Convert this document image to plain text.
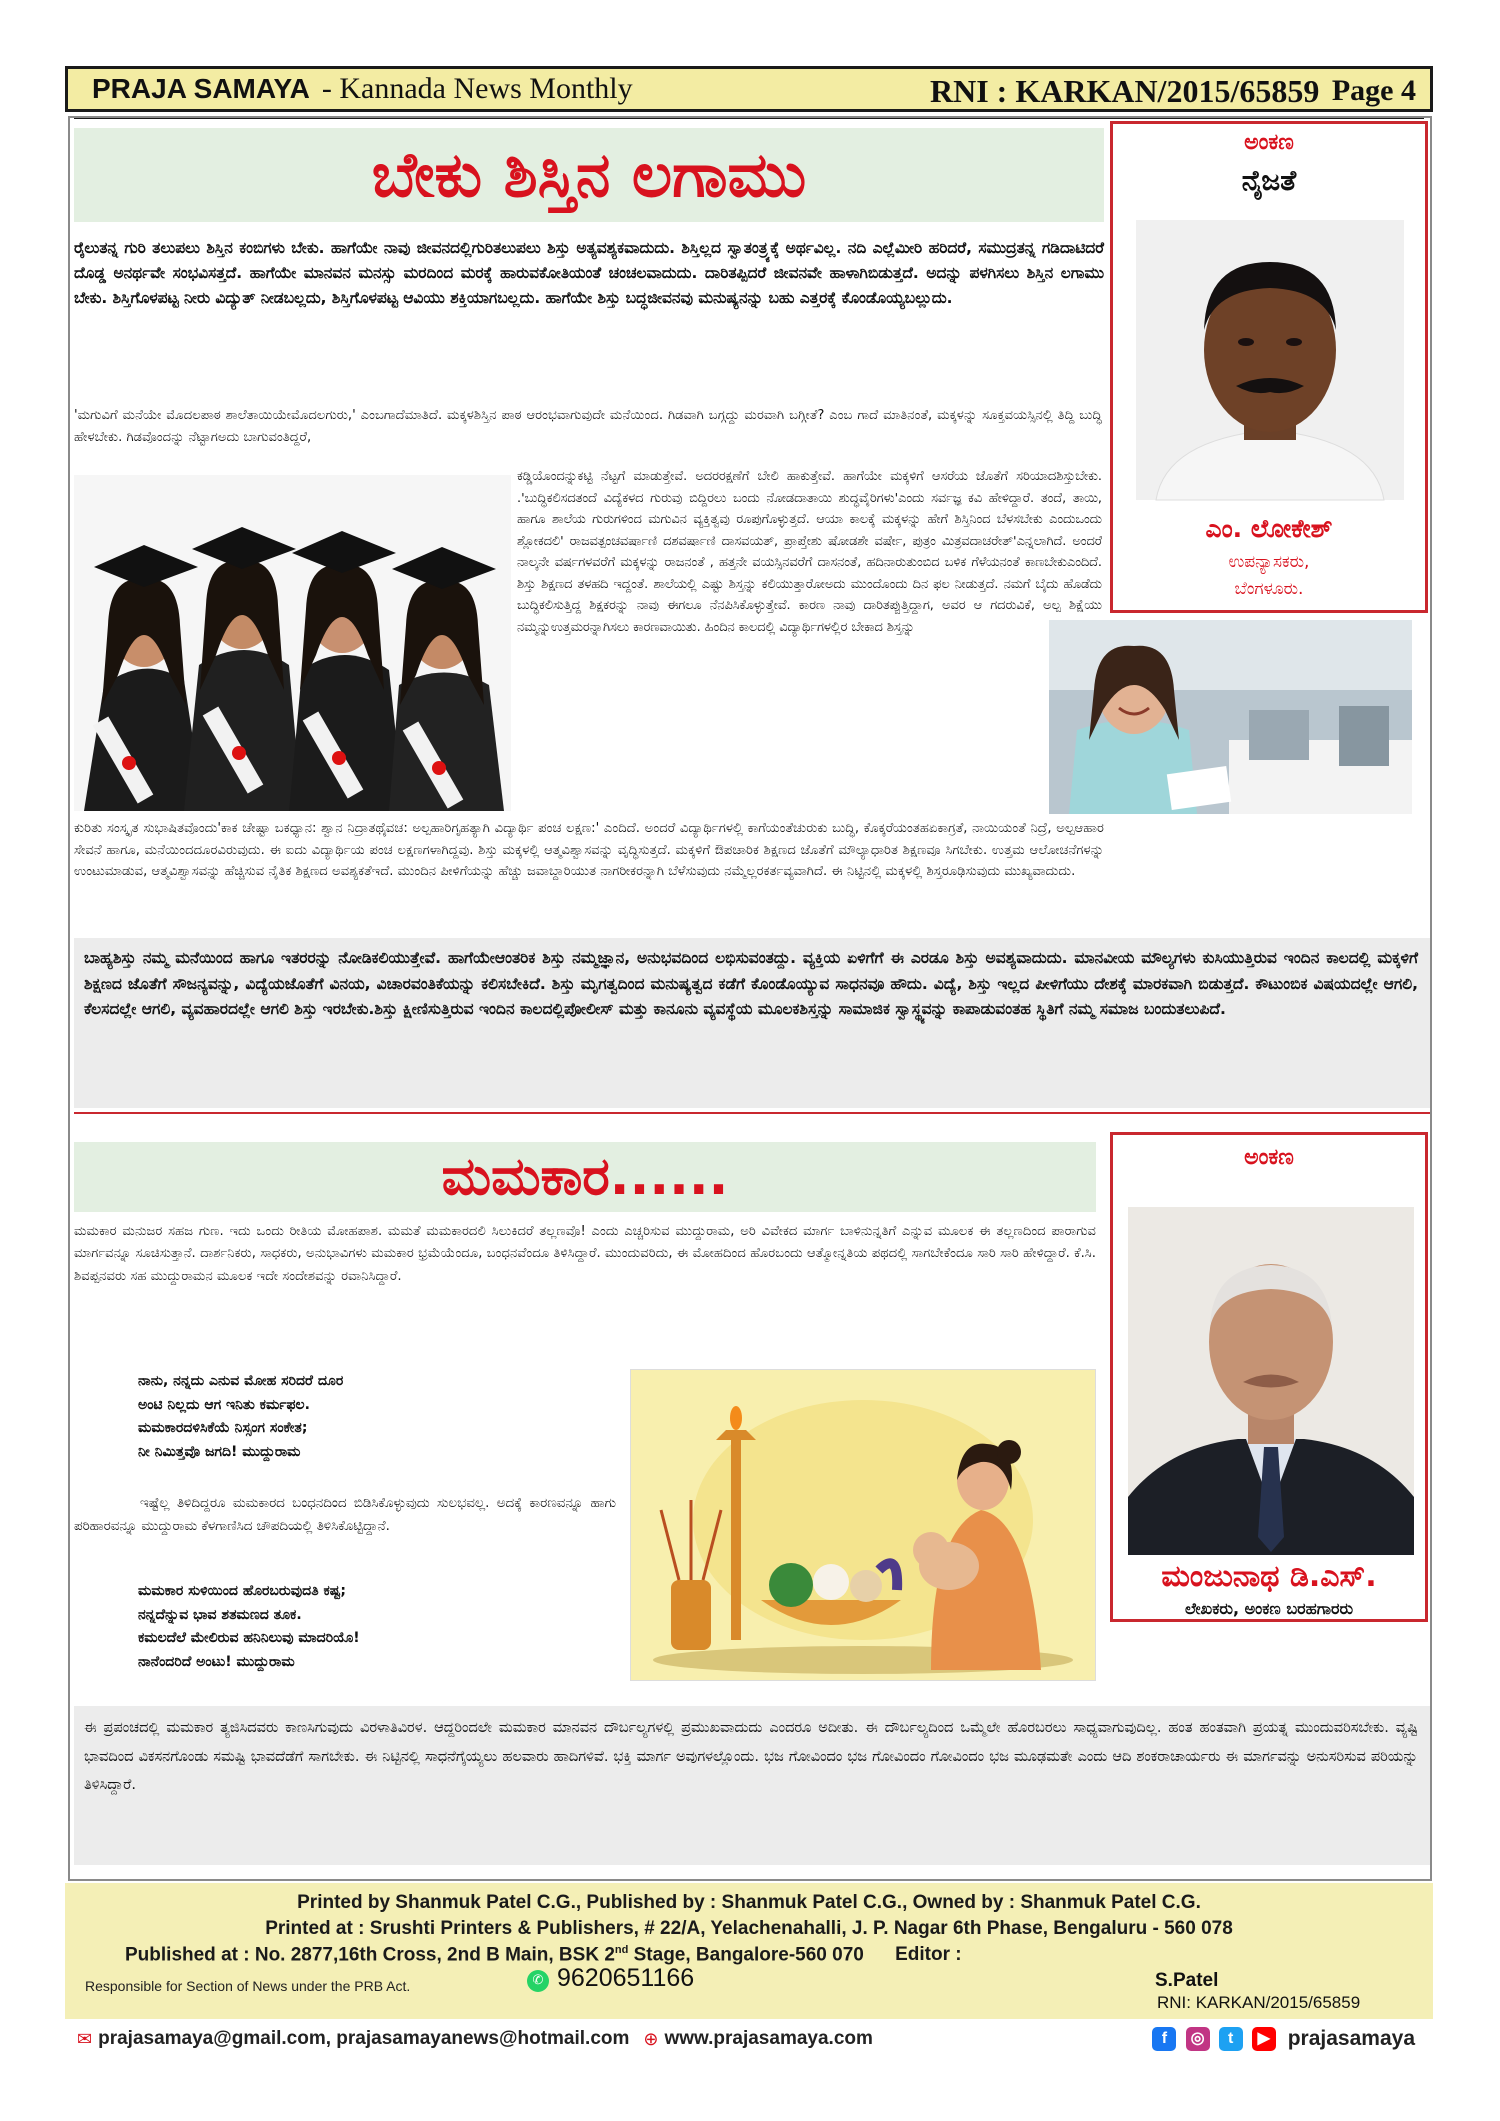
PRAJA SAMAYA - Kannada News Monthly	RNI : KARKAN/2015/65859 Page 4
ಬೇಕು ಶಿಸ್ತಿನ ಲಗಾಮು
ರೈಲುತನ್ನ ಗುರಿ ತಲುಪಲು ಶಿಸ್ತಿನ ಕಂಬಿಗಳು ಬೇಕು. ಹಾಗೆಯೇ ನಾವು ಜೀವನದಲ್ಲಿಗುರಿತಲುಪಲು ಶಿಸ್ತು ಅತ್ಯವಶ್ಯಕವಾದುದು. ಶಿಸ್ತಿಲ್ಲದ ಸ್ವಾತಂತ್ರ್ಯಕ್ಕೆ ಅರ್ಥವಿಲ್ಲ. ನದಿ ಎಲ್ಲೆಮೀರಿ ಹರಿದರೆ, ಸಮುದ್ರತನ್ನ ಗಡಿದಾಟಿದರೆ ದೊಡ್ಡ ಅನರ್ಥವೇ ಸಂಭವಿಸತ್ತದೆ. ಹಾಗೆಯೇ ಮಾನವನ ಮನಸ್ಸು ಮರದಿಂದ ಮರಕ್ಕೆ ಹಾರುವಕೋತಿಯಂತೆ ಚಂಚಲವಾದುದು. ದಾರಿತಪ್ಪಿದರೆ ಜೀವನವೇ ಹಾಳಾಗಿಬಿಡುತ್ತದೆ. ಅದನ್ನು ಪಳಗಿಸಲು ಶಿಸ್ತಿನ ಲಗಾಮು ಬೇಕು. ಶಿಸ್ತಿಗೊಳಪಟ್ಟ ನೀರು ವಿದ್ಯುತ್ ನೀಡಬಲ್ಲದು, ಶಿಸ್ತಿಗೊಳಪಟ್ಟ ಆವಿಯು ಶಕ್ತಿಯಾಗಬಲ್ಲದು. ಹಾಗೆಯೇ ಶಿಸ್ತು ಬದ್ಧಜೀವನವು ಮನುಷ್ಯನನ್ನು ಬಹು ಎತ್ತರಕ್ಕೆ ಕೊಂಡೊಯ್ಯಬಲ್ಲುದು.
'ಮಗುವಿಗೆ ಮನೆಯೇ ಮೊದಲಪಾಠ ಶಾಲೆತಾಯಿಯೇಮೊದಲಗುರು,' ಎಂಬಗಾದೆಮಾತಿದೆ. ಮಕ್ಕಳಶಿಸ್ತಿನ ಪಾಠ ಆರಂಭವಾಗುವುದೇ ಮನೆಯಿಂದ. ಗಿಡವಾಗಿ ಬಗ್ಗದ್ದು ಮರವಾಗಿ ಬಗ್ಗೀತೆ? ಎಂಬ ಗಾದೆ ಮಾತಿನಂತೆ, ಮಕ್ಕಳನ್ನು ಸೂಕ್ತವಯಸ್ಸಿನಲ್ಲಿ ತಿದ್ದಿ ಬುದ್ಧಿ ಹೇಳಬೇಕು. ಗಿಡವೊಂದನ್ನು ನೆಟ್ಟಾಗಅದು ಬಾಗುವಂತಿದ್ದರೆ,
ಕಡ್ಡಿಯೊಂದನ್ನುಕಟ್ಟಿ ನೆಟ್ಟಗೆ ಮಾಡುತ್ತೇವೆ. ಅದರರಕ್ಷಣೆಗೆ ಬೇಲಿ ಹಾಕುತ್ತೇವೆ. ಹಾಗೆಯೇ ಮಕ್ಕಳಿಗೆ ಆಸರೆಯ ಜೊತೆಗೆ ಸರಿಯಾದಶಿಸ್ತುಬೇಕು. .'ಬುದ್ಧಿಕಲಿಸದತಂದೆ ವಿದ್ಯೆಕಳದ ಗುರುವು ಬಿದ್ದಿರಲು ಬಂದು ನೋಡದಾತಾಯಿ ಶುದ್ಧವೈರಿಗಳು'ಎಂದು ಸರ್ವಜ್ಞ ಕವಿ ಹೇಳಿದ್ದಾರೆ. ತಂದೆ, ತಾಯಿ, ಹಾಗೂ ಶಾಲೆಯ ಗುರುಗಳಿಂದ ಮಗುವಿನ ವ್ಯಕ್ತಿತ್ವವು ರೂಪುಗೊಳ್ಳುತ್ತದೆ. ಆಯಾ ಕಾಲಕ್ಕೆ ಮಕ್ಕಳನ್ನು ಹೇಗೆ ಶಿಸ್ತಿನಿಂದ ಬೆಳಸಬೇಕು ಎಂದುಒಂದು ಶ್ಲೋಕದಲಿ' ರಾಜವತ್ಪಂಚವರ್ಷಾಣಿ ದಶವರ್ಷಾಣಿ ದಾಸವಯತ್, ಪ್ರಾಪ್ತೇಶು ಷೋಡಶೇ ವರ್ಷೇ, ಪುತ್ರಂ ಮಿತ್ರವದಾಚರೇತ್'ಎನ್ನಲಾಗಿದೆ. ಅಂದರೆ ನಾಲ್ಕನೇ ವರ್ಷಗಳವರೆಗೆ ಮಕ್ಕಳನ್ನು ರಾಜನಂತೆ , ಹತ್ತನೇ ವಯಸ್ಸಿನವರೆಗೆ ದಾಸನಂತೆ, ಹದಿನಾರುತುಂಬಿದ ಬಳಿಕ ಗೆಳೆಯನಂತೆ ಕಾಣಬೇಕುಎಂದಿದೆ. ಶಿಸ್ತು ಶಿಕ್ಷಣದ ತಳಹದಿ ಇದ್ದಂತೆ. ಶಾಲೆಯಲ್ಲಿ ಎಷ್ಟು ಶಿಸ್ತನ್ನು ಕಲಿಯುತ್ತಾರೋಅದು ಮುಂದೊಂದು ದಿನ ಫಲ ನೀಡುತ್ತದೆ. ನಮಗೆ ಬೈದು ಹೊಡೆದು ಬುದ್ಧಿಕಲಿಸುತ್ತಿದ್ದ ಶಿಕ್ಷಕರನ್ನು ನಾವು ಈಗಲೂ ನೆನಪಿಸಿಕೊಳ್ಳುತ್ತೇವೆ. ಕಾರಣ ನಾವು ದಾರಿತಪ್ಪುತ್ತಿದ್ದಾಗ, ಅವರ ಆ ಗದರುವಿಕೆ, ಅಲ್ಪ ಶಿಕ್ಷೆಯು ನಮ್ಮನ್ನುಉತ್ತಮರನ್ನಾಗಿಸಲು ಕಾರಣವಾಯಿತು. ಹಿಂದಿನ ಕಾಲದಲ್ಲಿ ವಿದ್ಯಾರ್ಥಿಗಳಲ್ಲಿರ ಬೇಕಾದ ಶಿಸ್ತನ್ನು
ಕುರಿತು ಸಂಸ್ಕೃತ ಸುಭಾಷಿತವೊಂದು'ಕಾಕ ಚೇಷ್ಟಾ ಬಕಧ್ಯಾನ: ಶ್ವಾನ ನಿದ್ರಾತಥೈವಚ: ಅಲ್ಪಹಾರಿಗೃಹತ್ಯಾಗಿ ವಿದ್ಯಾರ್ಥಿ ಪಂಚ ಲಕ್ಷಣ:' ಎಂದಿದೆ. ಅಂದರೆ ವಿದ್ಯಾರ್ಥಿಗಳಲ್ಲಿ ಕಾಗೆಯಂತೆಚುರುಕು ಬುದ್ಧಿ, ಕೊಕ್ಕರೆಯಂತಹಏಕಾಗ್ರತೆ, ನಾಯಿಯಂತೆ ನಿದ್ರೆ, ಅಲ್ಪಆಹಾರ ಸೇವನೆ ಹಾಗೂ, ಮನೆಯಿಂದದೂರವಿರುವುದು. ಈ ಐದು ವಿದ್ಯಾರ್ಥಿಯ ಪಂಚ ಲಕ್ಷಣಗಳಾಗಿದ್ದವು. ಶಿಸ್ತು ಮಕ್ಕಳಲ್ಲಿ ಆತ್ಮವಿಶ್ವಾಸವನ್ನು ವೃದ್ಧಿಸುತ್ತದೆ. ಮಕ್ಕಳಿಗೆ ಔಪಚಾರಿಕ ಶಿಕ್ಷಣದ ಜೊತೆಗೆ ಮೌಲ್ಯಾಧಾರಿತ ಶಿಕ್ಷಣವೂ ಸಿಗಬೇಕು. ಉತ್ತಮ ಆಲೋಚನೆಗಳನ್ನು ಉಂಟುಮಾಡುವ, ಆತ್ಮವಿಶ್ವಾಸವನ್ನು ಹೆಚ್ಚಿಸುವ ನೈತಿಕ ಶಿಕ್ಷಣದ ಅವಶ್ಯಕತೆಇದೆ. ಮುಂದಿನ ಪೀಳಿಗೆಯನ್ನು ಹೆಚ್ಚು ಜವಾಬ್ದಾರಿಯುತ ನಾಗರೀಕರನ್ನಾಗಿ ಬೆಳೆಸುವುದು ನಮ್ಮೆಲ್ಲರಕರ್ತವ್ಯವಾಗಿದೆ. ಈ ನಿಟ್ಟಿನಲ್ಲಿ ಮಕ್ಕಳಲ್ಲಿ ಶಿಸ್ತರೂಢಿಸುವುದು ಮುಖ್ಯವಾದುದು.
ಅಂಕಣ
ನೈಜತೆ
ಎಂ. ಲೋಕೇಶ್
ಉಪನ್ಯಾಸಕರು,
ಬೆಂಗಳೂರು.
ಬಾಹ್ಯಶಿಸ್ತು ನಮ್ಮ ಮನೆಯಿಂದ ಹಾಗೂ ಇತರರನ್ನು ನೋಡಿಕಲಿಯುತ್ತೇವೆ. ಹಾಗೆಯೇಆಂತರಿಕ ಶಿಸ್ತು ನಮ್ಮಜ್ಞಾನ, ಅನುಭವದಿಂದ ಲಭಿಸುವಂತದ್ದು. ವ್ಯಕ್ತಿಯ ಏಳಿಗೆಗೆ ಈ ಎರಡೂ ಶಿಸ್ತು ಅವಶ್ಯವಾದುದು. ಮಾನವೀಯ ಮೌಲ್ಯಗಳು ಕುಸಿಯುತ್ತಿರುವ ಇಂದಿನ ಕಾಲದಲ್ಲಿ ಮಕ್ಕಳಿಗೆ ಶಿಕ್ಷಣದ ಜೊತೆಗೆ ಸೌಜನ್ಯವನ್ನು, ವಿದ್ಯೆಯಜೊತೆಗೆ ವಿನಯ, ವಿಚಾರವಂತಿಕೆಯನ್ನು ಕಲಿಸಬೇಕಿದೆ. ಶಿಸ್ತು ಮೃಗತ್ವದಿಂದ ಮನುಷ್ಯತ್ವದ ಕಡೆಗೆ ಕೊಂಡೊಯ್ಯುವ ಸಾಧನವೂ ಹೌದು. ವಿದ್ಯೆ, ಶಿಸ್ತು ಇಲ್ಲದ ಪೀಳಿಗೆಯು ದೇಶಕ್ಕೆ ಮಾರಕವಾಗಿ ಬಿಡುತ್ತದೆ. ಕೌಟುಂಬಿಕ ವಿಷಯದಲ್ಲೇ ಆಗಲಿ, ಕೆಲಸದಲ್ಲೇ ಆಗಲಿ, ವ್ಯವಹಾರದಲ್ಲೇ ಆಗಲಿ ಶಿಸ್ತು ಇರಬೇಕು.ಶಿಸ್ತು ಕ್ಷೀಣಿಸುತ್ತಿರುವ ಇಂದಿನ ಕಾಲದಲ್ಲಿಪೋಲೀಸ್ ಮತ್ತು ಕಾನೂನು ವ್ಯವಸ್ಥೆಯ ಮೂಲಕಶಿಸ್ತನ್ನು ಸಾಮಾಜಿಕ ಸ್ವಾಸ್ಥ್ಯವನ್ನು ಕಾಪಾಡುವಂತಹ ಸ್ಥಿತಿಗೆ ನಮ್ಮ ಸಮಾಜ ಬಂದುತಲುಪಿದೆ.
ಮಮಕಾರ......
ಮಮಕಾರ ಮನುಜರ ಸಹಜ ಗುಣ. ಇದು ಒಂದು ರೀತಿಯ ಮೋಹಪಾಶ. ಮಮತೆ ಮಮಕಾರದಲಿ ಸಿಲುಕಿದರೆ ತಲ್ಲಣವೊ! ಎಂದು ಎಚ್ಚರಿಸುವ ಮುದ್ದುರಾಮ, ಅರಿ ವಿವೇಕದ ಮಾರ್ಗ ಬಾಳಿನುನ್ನತಿಗೆ ಎನ್ನುವ ಮೂಲಕ ಈ ತಲ್ಲಣದಿಂದ ಪಾರಾಗುವ ಮಾರ್ಗವನ್ನೂ ಸೂಚಿಸುತ್ತಾನೆ. ದಾರ್ಶನಿಕರು, ಸಾಧಕರು, ಅನುಭಾವಿಗಳು ಮಮಕಾರ ಭ್ರಮೆಯೆಂದೂ, ಬಂಧನವೆಂದೂ ತಿಳಿಸಿದ್ದಾರೆ. ಮುಂದುವರಿದು, ಈ ಮೋಹದಿಂದ ಹೊರಬಂದು ಆತ್ಮೋನ್ನತಿಯ ಪಥದಲ್ಲಿ ಸಾಗಬೇಕೆಂದೂ ಸಾರಿ ಸಾರಿ ಹೇಳಿದ್ದಾರೆ. ಕೆ.ಸಿ. ಶಿವಪ್ಪನವರು ಸಹ ಮುದ್ದುರಾಮನ ಮೂಲಕ ಇದೇ ಸಂದೇಶವನ್ನು ರವಾನಿಸಿದ್ದಾರೆ.
ನಾನು, ನನ್ನದು ಎನುವ ಮೋಹ ಸರಿದರೆ ದೂರ
ಅಂಟಿ ನಿಲ್ಲದು ಆಗ ಇನಿತು ಕರ್ಮಫಲ.
ಮಮಕಾರದಳಿಸಿಕೆಯೆ ನಿಸ್ಸಂಗ ಸಂಕೇತ;
ನೀ ನಿಮಿತ್ತವೊ ಜಗದಿ! ಮುದ್ದುರಾಮ
ಇಷ್ಟೆಲ್ಲ ತಿಳಿದಿದ್ದರೂ ಮಮಕಾರದ ಬಂಧನದಿಂದ ಬಿಡಿಸಿಕೊಳ್ಳುವುದು ಸುಲಭವಲ್ಲ. ಅದಕ್ಕೆ ಕಾರಣವನ್ನೂ ಹಾಗು ಪರಿಹಾರವನ್ನೂ ಮುದ್ದುರಾಮ ಕೆಳಗಾಣಿಸಿದ ಚೌಪದಿಯಲ್ಲಿ ತಿಳಿಸಿಕೊಟ್ಟಿದ್ದಾನೆ.
ಮಮಕಾರ ಸುಳಿಯಿಂದ ಹೊರಬರುವುದತಿ ಕಷ್ಟ;
ನನ್ನದೆನ್ನುವ ಭಾವ ಶತಮಣದ ತೂಕ.
ಕಮಲದೆಲೆ ಮೇಲಿರುವ ಹನಿನಿಲುವು ಮಾದರಿಯೊ!
ನಾನೆಂದರಿದೆ ಅಂಟು! ಮುದ್ದುರಾಮ
ಅಂಕಣ
ಮಂಜುನಾಥ ಡಿ.ಎಸ್.
ಲೇಖಕರು, ಅಂಕಣ ಬರಹಗಾರರು
ಈ ಪ್ರಪಂಚದಲ್ಲಿ ಮಮಕಾರ ತ್ಯಜಿಸಿದವರು ಕಾಣಸಿಗುವುದು ವಿರಳಾತಿವಿರಳ. ಆದ್ದರಿಂದಲೇ ಮಮಕಾರ ಮಾನವನ ದೌರ್ಬಲ್ಯಗಳಲ್ಲಿ ಪ್ರಮುಖವಾದುದು ಎಂದರೂ ಅದೀತು. ಈ ದೌರ್ಬಲ್ಯದಿಂದ ಒಮ್ಮೆಲೇ ಹೊರಬರಲು ಸಾಧ್ಯವಾಗುವುದಿಲ್ಲ. ಹಂತ ಹಂತವಾಗಿ ಪ್ರಯತ್ನ ಮುಂದುವರಿಸಬೇಕು. ವ್ಯಷ್ಟಿ ಭಾವದಿಂದ ವಿಕಸನಗೊಂಡು ಸಮಷ್ಟಿ ಭಾವದೆಡೆಗೆ ಸಾಗಬೇಕು. ಈ ನಿಟ್ಟಿನಲ್ಲಿ ಸಾಧನೆಗೈಯ್ಯಲು ಹಲವಾರು ಹಾದಿಗಳಿವೆ. ಭಕ್ತಿ ಮಾರ್ಗ ಅವುಗಳಲ್ಲೊಂದು. ಭಜ ಗೋವಿಂದಂ ಭಜ ಗೋವಿಂದಂ ಗೋವಿಂದಂ ಭಜ ಮೂಢಮತೇ ಎಂದು ಆದಿ ಶಂಕರಾಚಾರ್ಯರು ಈ ಮಾರ್ಗವನ್ನು ಅನುಸರಿಸುವ ಪರಿಯನ್ನು ತಿಳಿಸಿದ್ದಾರೆ.
Printed by Shanmuk Patel C.G., Published by : Shanmuk Patel C.G., Owned by : Shanmuk Patel C.G.
Printed at : Srushti Printers & Publishers, # 22/A, Yelachenahalli, J. P. Nagar 6th Phase, Bengaluru - 560 078
Published at : No. 2877,16th Cross, 2nd B Main, BSK 2nd Stage, Bangalore-560 070 Editor :
S.Patel
Responsible for Section of News under the PRB Act.	✆ 9620651166
RNI: KARKAN/2015/65859
✉ prajasamaya@gmail.com, prajasamayanews@hotmail.com ⊕ www.prajasamaya.com	f ◎ t ▶ prajasamaya
